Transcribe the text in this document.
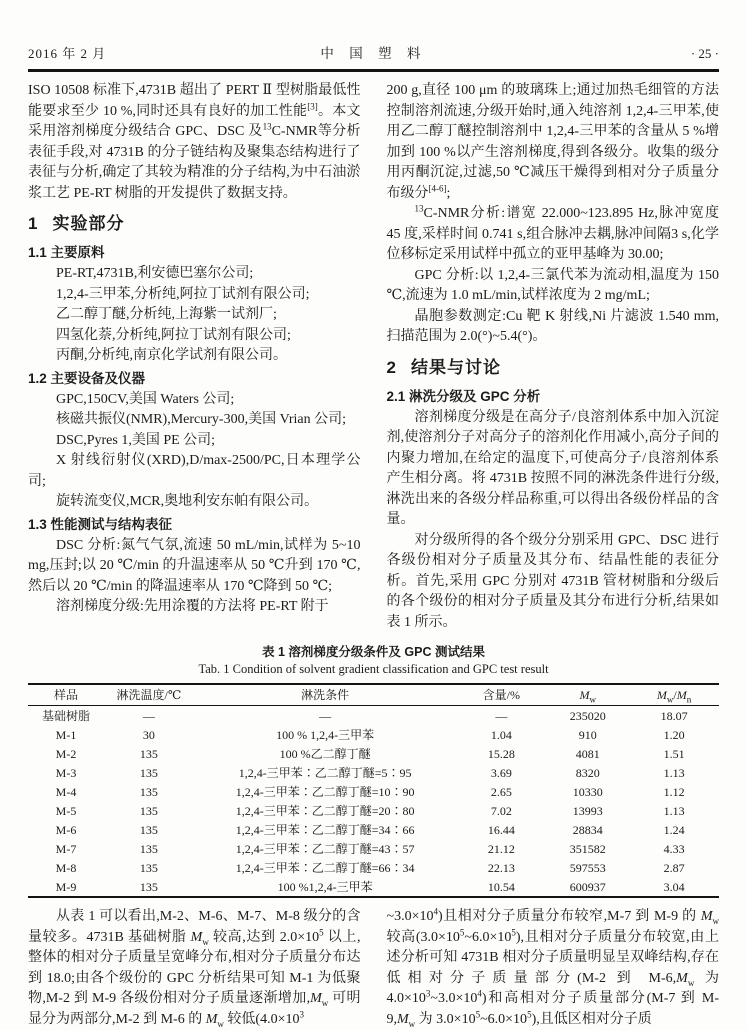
2016 年 2 月	中 国 塑 料	· 25 ·

ISO 10508 标准下,4731B 超出了 PERT Ⅱ 型树脂最低性能要求至少 10 %,同时还具有良好的加工性能[3]。本文采用溶剂梯度分级结合 GPC、DSC 及$^{13}$C-NMR等分析表征手段,对 4731B 的分子链结构及聚集态结构进行了表征与分析,确定了其较为精准的分子结构,为中石油淤浆工艺 PE-RT 树脂的开发提供了数据支持。

1 实验部分
1.1 主要原料

PE-RT,4731B,利安德巴塞尔公司;

1,2,4-三甲苯,分析纯,阿拉丁试剂有限公司;

乙二醇丁醚,分析纯,上海紫一试剂厂;

四氢化萘,分析纯,阿拉丁试剂有限公司;

丙酮,分析纯,南京化学试剂有限公司。

1.2 主要设备及仪器

GPC,150CV,美国 Waters 公司;

核磁共振仪(NMR),Mercury-300,美国 Vrian 公司;

DSC,Pyres 1,美国 PE 公司;

X 射线衍射仪(XRD),D/max-2500/PC,日本理学公司;

旋转流变仪,MCR,奥地利安东帕有限公司。

1.3 性能测试与结构表征

DSC 分析:氮气气氛,流速 50 mL/min,试样为 5~10 mg,压封;以 20 ℃/min 的升温速率从 50 ℃升到 170 ℃,然后以 20 ℃/min 的降温速率从 170 ℃降到 50 ℃;

溶剂梯度分级:先用涂覆的方法将 PE-RT 附于

200 g,直径 100 μm 的玻璃珠上;通过加热毛细管的方法控制溶剂流速,分级开始时,通入纯溶剂 1,2,4-三甲苯,使用乙二醇丁醚控制溶剂中 1,2,4-三甲苯的含量从 5 %增加到 100 %以产生溶剂梯度,得到各级分。收集的级分用丙酮沉淀,过滤,50 ℃减压干燥得到相对分子质量分布级分[4-6];

$^{13}$C-NMR分析:谱宽 22.000~123.895 Hz,脉冲宽度 45 度,采样时间 0.741 s,组合脉冲去耦,脉冲间隔3 s,化学位移标定采用试样中孤立的亚甲基峰为 30.00;

GPC 分析:以 1,2,4-三氯代苯为流动相,温度为 150 ℃,流速为 1.0 mL/min,试样浓度为 2 mg/mL;

晶胞参数测定:Cu 靶 K 射线,Ni 片滤波 1.540 mm,扫描范围为 2.0(°)~5.4(°)。

2 结果与讨论
2.1 淋洗分级及 GPC 分析

溶剂梯度分级是在高分子/良溶剂体系中加入沉淀剂,使溶剂分子对高分子的溶剂化作用减小,高分子间的内聚力增加,在给定的温度下,可使高分子/良溶剂体系产生相分离。将 4731B 按照不同的淋洗条件进行分级,淋洗出来的各级分样品称重,可以得出各级份样品的含量。

对分级所得的各个级分分别采用 GPC、DSC 进行各级份相对分子质量及其分布、结晶性能的表征分析。首先,采用 GPC 分别对 4731B 管材树脂和分级后的各个级份的相对分子质量及其分布进行分析,结果如表 1 所示。

表 1 溶剂梯度分级条件及 GPC 测试结果
Tab. 1 Condition of solvent gradient classification and GPC test result
样品	淋洗温度/℃	淋洗条件	含量/%	$M_w$	$M_w/M_n$
基础树脂	—	—	—	235020	18.07
M-1	30	100 % 1,2,4-三甲苯	1.04	910	1.20
M-2	135	100 %乙二醇丁醚	15.28	4081	1.51
M-3	135	1,2,4-三甲苯∶乙二醇丁醚=5∶95	3.69	8320	1.13
M-4	135	1,2,4-三甲苯∶乙二醇丁醚=10∶90	2.65	10330	1.12
M-5	135	1,2,4-三甲苯∶乙二醇丁醚=20∶80	7.02	13993	1.13
M-6	135	1,2,4-三甲苯∶乙二醇丁醚=34∶66	16.44	28834	1.24
M-7	135	1,2,4-三甲苯∶乙二醇丁醚=43∶57	21.12	351582	4.33
M-8	135	1,2,4-三甲苯∶乙二醇丁醚=66∶34	22.13	597553	2.87
M-9	135	100 %1,2,4-三甲苯	10.54	600937	3.04

从表 1 可以看出,M-2、M-6、M-7、M-8 级分的含量较多。4731B 基础树脂 $M_w$ 较高,达到 $2.0\times 10^5$ 以上,整体的相对分子质量呈宽峰分布,相对分子质量分布达到 18.0;由各个级份的 GPC 分析结果可知 M-1 为低聚物,M-2 到 M-9 各级份相对分子质量逐渐增加$,M_w$ 可明显分为两部分,M-2 到 M-6 的 $M_w$ 较低($4.0\times 10^3$

$\sim 3.0\times 10^4$)且相对分子质量分布较窄,M-7 到 M-9 的 $M_w$ 较高$(3.0\times 10^5\sim 6.0\times 10^5)$,且相对分子质量分布较宽,由上述分析可知 4731B 相对分子质量明显呈双峰结构,存在低相对分子质量部分(M-2 到 $M-6,M_w$ 为 $4.0\times 10^3\sim 3.0\times 10^4$)和高相对分子质量部分(M-7 到 $M-9,M_w$ 为 $3.0\times 10^5\sim 6.0\times 10^5$),且低区相对分子质
